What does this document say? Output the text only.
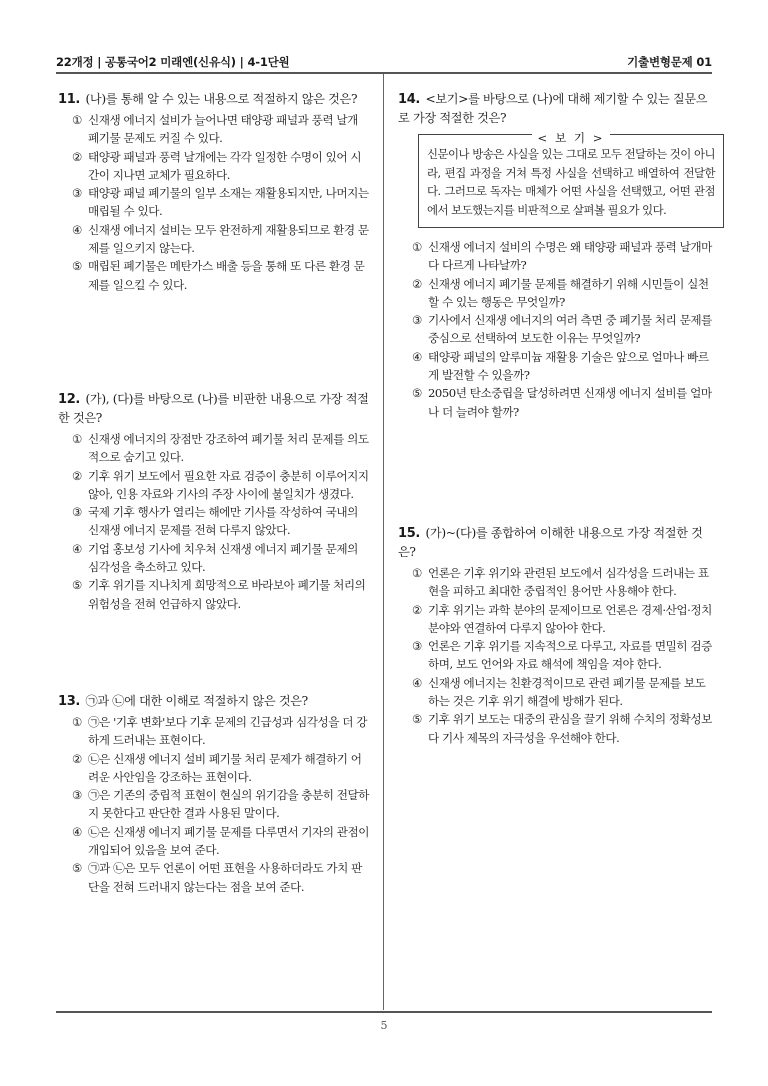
22개정 | 공통국어2 미래엔(신유식) | 4-1단원	기출변형문제 01
11. (나)를 통해 알 수 있는 내용으로 적절하지 않은 것은?
① 신재생 에너지 설비가 늘어나면 태양광 패널과 풍력 날개 폐기물 문제도 커질 수 있다.
② 태양광 패널과 풍력 날개에는 각각 일정한 수명이 있어 시간이 지나면 교체가 필요하다.
③ 태양광 패널 폐기물의 일부 소재는 재활용되지만, 나머지는 매립될 수 있다.
④ 신재생 에너지 설비는 모두 완전하게 재활용되므로 환경 문제를 일으키지 않는다.
⑤ 매립된 폐기물은 메탄가스 배출 등을 통해 또 다른 환경 문제를 일으킬 수 있다.
12. (가), (다)를 바탕으로 (나)를 비판한 내용으로 가장 적절한 것은?
① 신재생 에너지의 장점만 강조하여 폐기물 처리 문제를 의도적으로 숨기고 있다.
② 기후 위기 보도에서 필요한 자료 검증이 충분히 이루어지지 않아, 인용 자료와 기사의 주장 사이에 불일치가 생겼다.
③ 국제 기후 행사가 열리는 해에만 기사를 작성하여 국내의 신재생 에너지 문제를 전혀 다루지 않았다.
④ 기업 홍보성 기사에 치우쳐 신재생 에너지 폐기물 문제의 심각성을 축소하고 있다.
⑤ 기후 위기를 지나치게 희망적으로 바라보아 폐기물 처리의 위험성을 전혀 언급하지 않았다.
13. ㉠과 ㉡에 대한 이해로 적절하지 않은 것은?
① ㉠은 '기후 변화'보다 기후 문제의 긴급성과 심각성을 더 강하게 드러내는 표현이다.
② ㉡은 신재생 에너지 설비 폐기물 처리 문제가 해결하기 어려운 사안임을 강조하는 표현이다.
③ ㉠은 기존의 중립적 표현이 현실의 위기감을 충분히 전달하지 못한다고 판단한 결과 사용된 말이다.
④ ㉡은 신재생 에너지 폐기물 문제를 다루면서 기자의 관점이 개입되어 있음을 보여 준다.
⑤ ㉠과 ㉡은 모두 언론이 어떤 표현을 사용하더라도 가치 판단을 전혀 드러내지 않는다는 점을 보여 준다.
14. <보기>를 바탕으로 (나)에 대해 제기할 수 있는 질문으로 가장 적절한 것은?
< 보 기 >
신문이나 방송은 사실을 있는 그대로 모두 전달하는 것이 아니라, 편집 과정을 거쳐 특정 사실을 선택하고 배열하여 전달한다. 그러므로 독자는 매체가 어떤 사실을 선택했고, 어떤 관점에서 보도했는지를 비판적으로 살펴볼 필요가 있다.
① 신재생 에너지 설비의 수명은 왜 태양광 패널과 풍력 날개마다 다르게 나타날까?
② 신재생 에너지 폐기물 문제를 해결하기 위해 시민들이 실천할 수 있는 행동은 무엇일까?
③ 기사에서 신재생 에너지의 여러 측면 중 폐기물 처리 문제를 중심으로 선택하여 보도한 이유는 무엇일까?
④ 태양광 패널의 알루미늄 재활용 기술은 앞으로 얼마나 빠르게 발전할 수 있을까?
⑤ 2050년 탄소중립을 달성하려면 신재생 에너지 설비를 얼마나 더 늘려야 할까?
15. (가)~(다)를 종합하여 이해한 내용으로 가장 적절한 것은?
① 언론은 기후 위기와 관련된 보도에서 심각성을 드러내는 표현을 피하고 최대한 중립적인 용어만 사용해야 한다.
② 기후 위기는 과학 분야의 문제이므로 언론은 경제·산업·정치 분야와 연결하여 다루지 않아야 한다.
③ 언론은 기후 위기를 지속적으로 다루고, 자료를 면밀히 검증하며, 보도 언어와 자료 해석에 책임을 져야 한다.
④ 신재생 에너지는 친환경적이므로 관련 폐기물 문제를 보도하는 것은 기후 위기 해결에 방해가 된다.
⑤ 기후 위기 보도는 대중의 관심을 끌기 위해 수치의 정확성보다 기사 제목의 자극성을 우선해야 한다.
5
